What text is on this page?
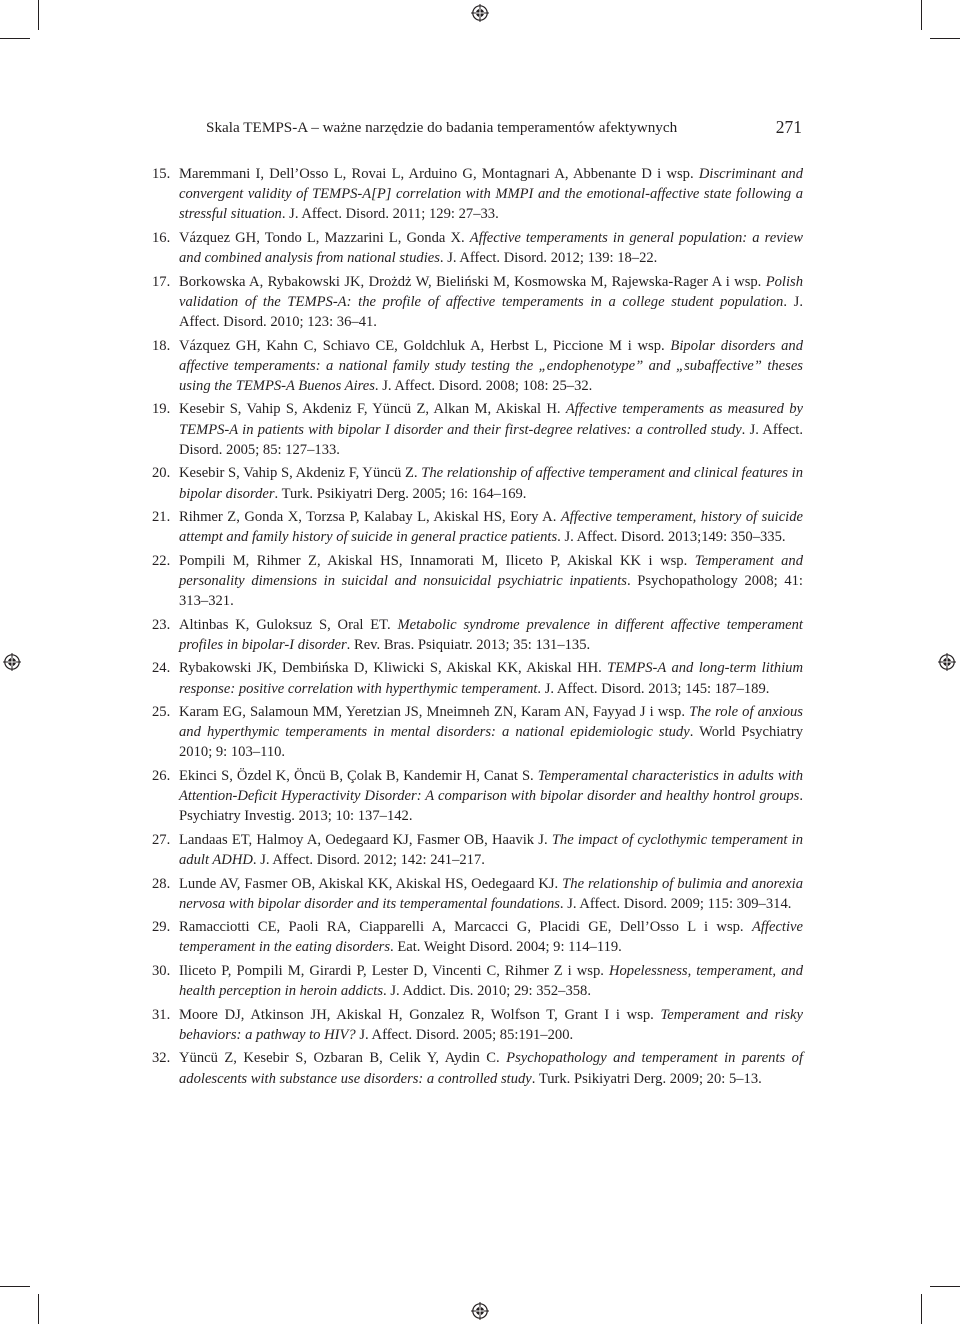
Skala TEMPS-A – ważne narzędzie do badania temperamentów afektywnych	271
15. Maremmani I, Dell’Osso L, Rovai L, Arduino G, Montagnari A, Abbenante D i wsp. Discriminant and convergent validity of TEMPS-A[P] correlation with MMPI and the emotional-affective state following a stressful situation. J. Affect. Disord. 2011; 129: 27–33.
16. Vázquez GH, Tondo L, Mazzarini L, Gonda X. Affective temperaments in general population: a review and combined analysis from national studies. J. Affect. Disord. 2012; 139: 18–22.
17. Borkowska A, Rybakowski JK, Drożdż W, Bieliński M, Kosmowska M, Rajewska-Rager A i wsp. Polish validation of the TEMPS-A: the profile of affective temperaments in a college student population. J. Affect. Disord. 2010; 123: 36–41.
18. Vázquez GH, Kahn C, Schiavo CE, Goldchluk A, Herbst L, Piccione M i wsp. Bipolar disorders and affective temperaments: a national family study testing the „endophenotype” and „subaffective” theses using the TEMPS-A Buenos Aires. J. Affect. Disord. 2008; 108: 25–32.
19. Kesebir S, Vahip S, Akdeniz F, Yüncü Z, Alkan M, Akiskal H. Affective temperaments as measured by TEMPS-A in patients with bipolar I disorder and their first-degree relatives: a controlled study. J. Affect. Disord. 2005; 85: 127–133.
20. Kesebir S, Vahip S, Akdeniz F, Yüncü Z. The relationship of affective temperament and clinical features in bipolar disorder. Turk. Psikiyatri Derg. 2005; 16: 164–169.
21. Rihmer Z, Gonda X, Torzsa P, Kalabay L, Akiskal HS, Eory A. Affective temperament, history of suicide attempt and family history of suicide in general practice patients. J. Affect. Disord. 2013;149: 350–335.
22. Pompili M, Rihmer Z, Akiskal HS, Innamorati M, Iliceto P, Akiskal KK i wsp. Temperament and personality dimensions in suicidal and nonsuicidal psychiatric inpatients. Psychopathology 2008; 41: 313–321.
23. Altinbas K, Guloksuz S, Oral ET. Metabolic syndrome prevalence in different affective temperament profiles in bipolar-I disorder. Rev. Bras. Psiquiatr. 2013; 35: 131–135.
24. Rybakowski JK, Dembińska D, Kliwicki S, Akiskal KK, Akiskal HH. TEMPS-A and long-term lithium response: positive correlation with hyperthymic temperament. J. Affect. Disord. 2013; 145: 187–189.
25. Karam EG, Salamoun MM, Yeretzian JS, Mneimneh ZN, Karam AN, Fayyad J i wsp. The role of anxious and hyperthymic temperaments in mental disorders: a national epidemiologic study. World Psychiatry 2010; 9: 103–110.
26. Ekinci S, Özdel K, Öncü B, Çolak B, Kandemir H, Canat S. Temperamental characteristics in adults with Attention-Deficit Hyperactivity Disorder: A comparison with bipolar disorder and healthy hontrol groups. Psychiatry Investig. 2013; 10: 137–142.
27. Landaas ET, Halmoy A, Oedegaard KJ, Fasmer OB, Haavik J. The impact of cyclothymic temperament in adult ADHD. J. Affect. Disord. 2012; 142: 241–217.
28. Lunde AV, Fasmer OB, Akiskal KK, Akiskal HS, Oedegaard KJ. The relationship of bulimia and anorexia nervosa with bipolar disorder and its temperamental foundations. J. Affect. Disord. 2009; 115: 309–314.
29. Ramacciotti CE, Paoli RA, Ciapparelli A, Marcacci G, Placidi GE, Dell’Osso L i wsp. Affective temperament in the eating disorders. Eat. Weight Disord. 2004; 9: 114–119.
30. Iliceto P, Pompili M, Girardi P, Lester D, Vincenti C, Rihmer Z i wsp. Hopelessness, temperament, and health perception in heroin addicts. J. Addict. Dis. 2010; 29: 352–358.
31. Moore DJ, Atkinson JH, Akiskal H, Gonzalez R, Wolfson T, Grant I i wsp. Temperament and risky behaviors: a pathway to HIV? J. Affect. Disord. 2005; 85:191–200.
32. Yüncü Z, Kesebir S, Ozbaran B, Celik Y, Aydin C. Psychopathology and temperament in parents of adolescents with substance use disorders: a controlled study. Turk. Psikiyatri Derg. 2009; 20: 5–13.
